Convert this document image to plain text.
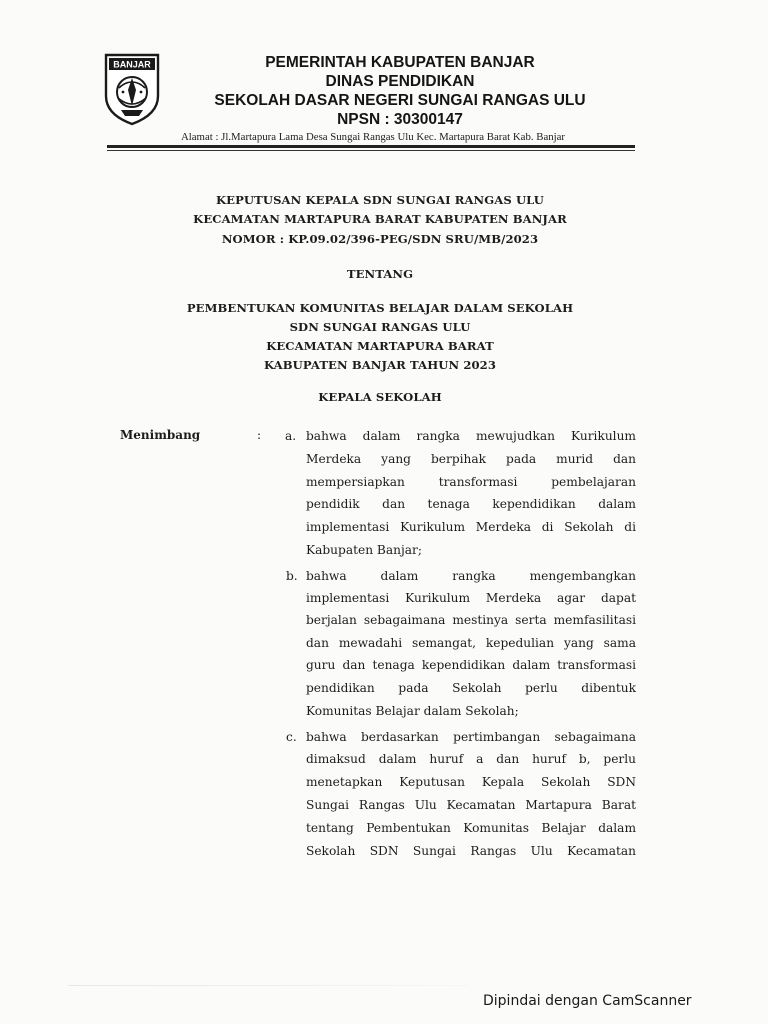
BANJAR	PEMERINTAH KABUPATEN BANJAR
DINAS PENDIDIKAN
SEKOLAH DASAR NEGERI SUNGAI RANGAS ULU
NPSN : 30300147
Alamat : Jl.Martapura Lama Desa Sungai Rangas Ulu Kec. Martapura Barat Kab. Banjar
KEPUTUSAN KEPALA SDN SUNGAI RANGAS ULU
KECAMATAN MARTAPURA BARAT KABUPATEN BANJAR
NOMOR : KP.09.02/396-PEG/SDN SRU/MB/2023
TENTANG
PEMBENTUKAN KOMUNITAS BELAJAR DALAM SEKOLAH
SDN SUNGAI RANGAS ULU
KECAMATAN MARTAPURA BARAT
KABUPATEN BANJAR TAHUN 2023
KEPALA SEKOLAH
Menimbang	: a. bahwa dalam rangka mewujudkan Kurikulum
Merdeka yang berpihak pada murid dan
mempersiapkan transformasi pembelajaran
pendidik dan tenaga kependidikan dalam
implementasi Kurikulum Merdeka di Sekolah di
Kabupaten Banjar;
b. bahwa dalam rangka mengembangkan
implementasi Kurikulum Merdeka agar dapat
berjalan sebagaimana mestinya serta memfasilitasi
dan mewadahi semangat, kepedulian yang sama
guru dan tenaga kependidikan dalam transformasi
pendidikan pada Sekolah perlu dibentuk
Komunitas Belajar dalam Sekolah;
c. bahwa berdasarkan pertimbangan sebagaimana
dimaksud dalam huruf a dan huruf b, perlu
menetapkan Keputusan Kepala Sekolah SDN
Sungai Rangas Ulu Kecamatan Martapura Barat
tentang Pembentukan Komunitas Belajar dalam
Sekolah SDN Sungai Rangas Ulu Kecamatan
Dipindai dengan CamScanner
